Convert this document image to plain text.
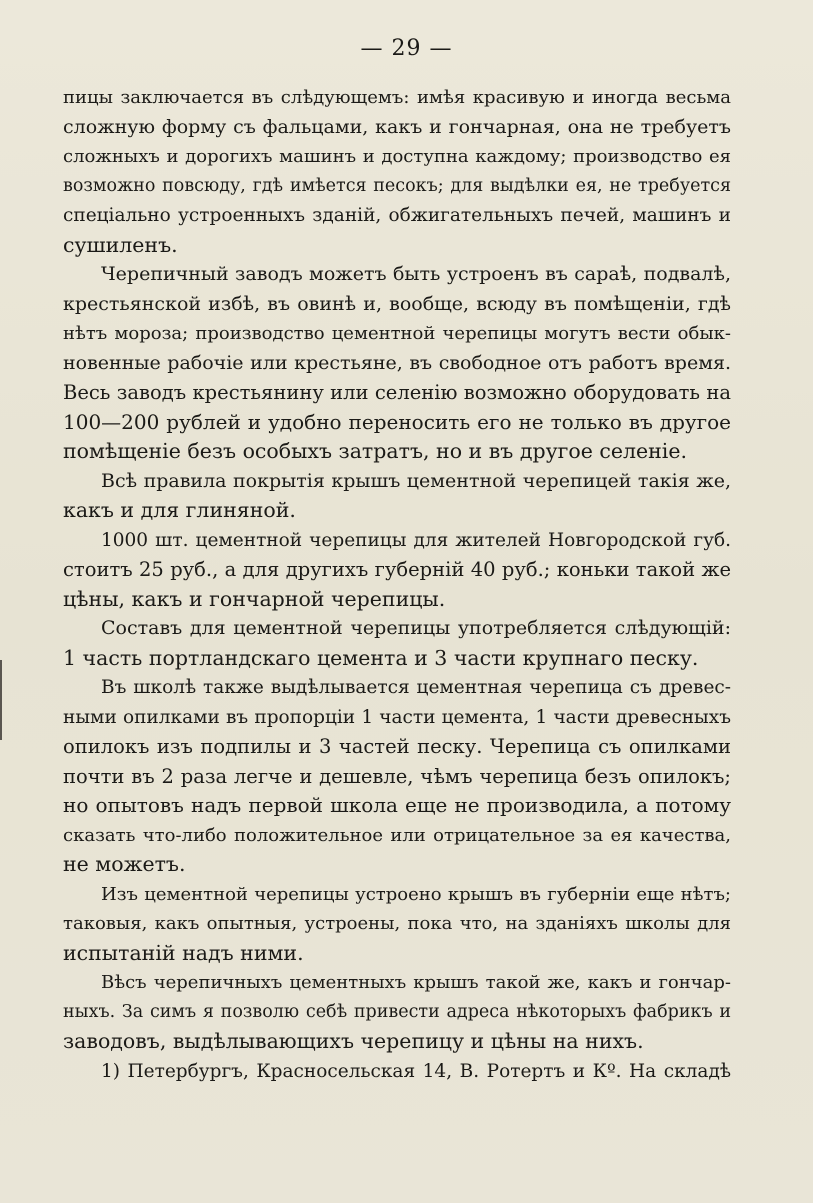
— 29 —
пицы заключается въ слѣдующемъ: имѣя красивую и иногда весьма
сложную форму съ фальцами, какъ и гончарная, она не требуетъ
сложныхъ и дорогихъ машинъ и доступна каждому; производство ея
возможно повсюду, гдѣ имѣется песокъ; для выдѣлки ея, не требуется
спеціально устроенныхъ зданій, обжигательныхъ печей, машинъ и
сушиленъ.
Черепичный заводъ можетъ быть устроенъ въ сараѣ, подвалѣ,
крестьянской избѣ, въ овинѣ и, вообще, всюду въ помѣщеніи, гдѣ
нѣтъ мороза; производство цементной черепицы могутъ вести обык-
новенные рабочіе или крестьяне, въ свободное отъ работъ время.
Весь заводъ крестьянину или селенію возможно оборудовать на
100—200 рублей и удобно переносить его не только въ другое
помѣщеніе безъ особыхъ затратъ, но и въ другое селеніе.
Всѣ правила покрытія крышъ цементной черепицей такія же,
какъ и для глиняной.
1000 шт. цементной черепицы для жителей Новгородской губ.
стоитъ 25 руб., а для другихъ губерній 40 руб.; коньки такой же
цѣны, какъ и гончарной черепицы.
Составъ для цементной черепицы употребляется слѣдующій:
1 часть портландскаго цемента и 3 части крупнаго песку.
Въ школѣ также выдѣлывается цементная черепица съ древес-
ными опилками въ пропорціи 1 части цемента, 1 части древесныхъ
опилокъ изъ подпилы и 3 частей песку. Черепица съ опилками
почти въ 2 раза легче и дешевле, чѣмъ черепица безъ опилокъ;
но опытовъ надъ первой школа еще не производила, а потому
сказать что-либо положительное или отрицательное за ея качества,
не можетъ.
Изъ цементной черепицы устроено крышъ въ губерніи еще нѣтъ;
таковыя, какъ опытныя, устроены, пока что, на зданіяхъ школы для
испытаній надъ ними.
Вѣсъ черепичныхъ цементныхъ крышъ такой же, какъ и гончар-
ныхъ. За симъ я позволю себѣ привести адреса нѣкоторыхъ фабрикъ и
заводовъ, выдѣлывающихъ черепицу и цѣны на нихъ.
1) Петербургъ, Красносельская 14, В. Ротертъ и Кº. На складѣ
